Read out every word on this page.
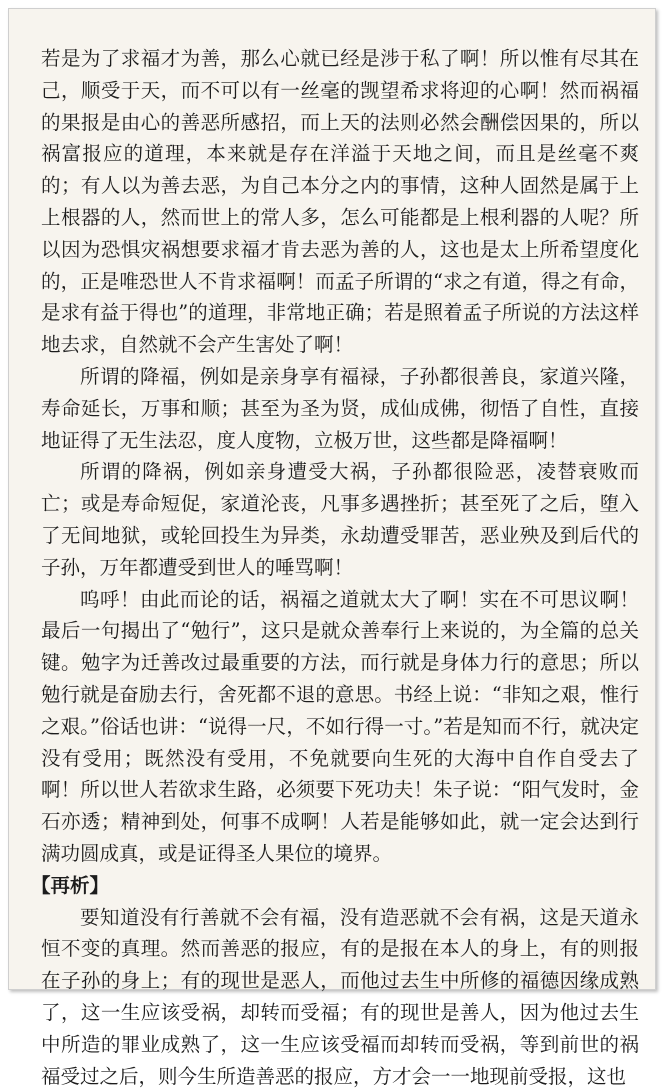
若是为了求福才为善，那么心就已经是涉于私了啊！所以惟有尽其在己，顺受于天，而不可以有一丝毫的觊望希求将迎的心啊！然而祸福的果报是由心的善恶所感招，而上天的法则必然会酬偿因果的，所以祸富报应的道理，本来就是存在洋溢于天地之间，而且是丝毫不爽的；有人以为善去恶，为自己本分之内的事情，这种人固然是属于上上根器的人，然而世上的常人多，怎么可能都是上根利器的人呢？所以因为恐惧灾祸想要求福才肯去恶为善的人，这也是太上所希望度化的，正是唯恐世人不肯求福啊！而孟子所谓的“求之有道，得之有命，是求有益于得也”的道理，非常地正确；若是照着孟子所说的方法这样地去求，自然就不会产生害处了啊！

所谓的降福，例如是亲身享有福禄，子孙都很善良，家道兴隆，寿命延长，万事和顺；甚至为圣为贤，成仙成佛，彻悟了自性，直接地证得了无生法忍，度人度物，立极万世，这些都是降福啊！

所谓的降祸，例如亲身遭受大祸，子孙都很险恶，凌替衰败而亡；或是寿命短促，家道沦丧，凡事多遇挫折；甚至死了之后，堕入了无间地狱，或轮回投生为异类，永劫遭受罪苦，恶业殃及到后代的子孙，万年都遭受到世人的唾骂啊！

呜呼！由此而论的话，祸福之道就太大了啊！实在不可思议啊！最后一句揭出了“勉行”，这只是就众善奉行上来说的，为全篇的总关键。勉字为迁善改过最重要的方法，而行就是身体力行的意思；所以勉行就是奋励去行，舍死都不退的意思。书经上说：“非知之艰，惟行之艰。”俗话也讲：“说得一尺，不如行得一寸。”若是知而不行，就决定没有受用；既然没有受用，不免就要向生死的大海中自作自受去了啊！所以世人若欲求生路，必须要下死功夫！朱子说：“阳气发时，金石亦透；精神到处，何事不成啊！人若是能够如此，就一定会达到行满功圆成真，或是证得圣人果位的境界。

【再析】

要知道没有行善就不会有福，没有造恶就不会有祸，这是天道永恒不变的真理。然而善恶的报应，有的是报在本人的身上，有的则报在子孙的身上；有的现世是恶人，而他过去生中所修的福德因缘成熟了，这一生应该受祸，却转而受福；有的现世是善人，因为他过去生中所造的罪业成熟了，这一生应该受福而却转而受祸，等到前世的祸福受过之后，则今生所造善恶的报应，方才会一一地现前受报，这也
